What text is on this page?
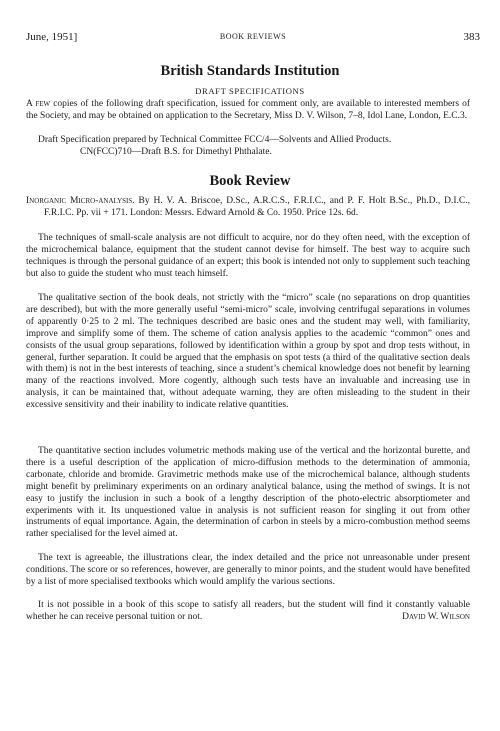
June, 1951]	BOOK REVIEWS	383
British Standards Institution
DRAFT SPECIFICATIONS

A few copies of the following draft specification, issued for comment only, are available to interested members of the Society, and may be obtained on application to the Secretary, Miss D. V. Wilson, 7–8, Idol Lane, London, E.C.3.

Draft Specification prepared by Technical Committee FCC/4—Solvents and Allied Products.

CN(FCC)710—Draft B.S. for Dimethyl Phthalate.

Book Review

Inorganic Micro-analysis. By H. V. A. Briscoe, D.Sc., A.R.C.S., F.R.I.C., and P. F. Holt B.Sc., Ph.D., D.I.C., F.R.I.C. Pp. vii + 171. London: Messrs. Edward Arnold & Co. 1950. Price 12s. 6d.

The techniques of small-scale analysis are not difficult to acquire, nor do they often need, with the exception of the microchemical balance, equipment that the student cannot devise for himself. The best way to acquire such techniques is through the personal guidance of an expert; this book is intended not only to supplement such teaching but also to guide the student who must teach himself.

The qualitative section of the book deals, not strictly with the “micro” scale (no separations on drop quantities are described), but with the more generally useful “semi-micro” scale, involving centrifugal separations in volumes of apparently 0·25 to 2 ml. The techniques described are basic ones and the student may well, with familiarity, improve and simplify some of them. The scheme of cation analysis applies to the academic “common” ones and consists of the usual group separations, followed by identification within a group by spot and drop tests without, in general, further separation. It could be argued that the emphasis on spot tests (a third of the qualitative section deals with them) is not in the best interests of teaching, since a student’s chemical knowledge does not benefit by learning many of the reactions involved. More cogently, although such tests have an invaluable and increasing use in analysis, it can be maintained that, without adequate warning, they are often misleading to the student in their excessive sensitivity and their inability to indicate relative quantities.

The quantitative section includes volumetric methods making use of the vertical and the horizontal burette, and there is a useful description of the application of micro-diffusion methods to the determination of ammonia, carbonate, chloride and bromide. Gravimetric methods make use of the microchemical balance, although students might benefit by preliminary experiments on an ordinary analytical balance, using the method of swings. It is not easy to justify the inclusion in such a book of a lengthy description of the photo-electric absorptiometer and experiments with it. Its unquestioned value in analysis is not sufficient reason for singling it out from other instruments of equal importance. Again, the determination of carbon in steels by a micro-combustion method seems rather specialised for the level aimed at.

The text is agreeable, the illustrations clear, the index detailed and the price not unreasonable under present conditions. The score or so references, however, are generally to minor points, and the student would have benefited by a list of more specialised textbooks which would amplify the various sections.

It is not possible in a book of this scope to satisfy all readers, but the student will find it constantly valuable whether he can receive personal tuition or not.	David W. Wilson
